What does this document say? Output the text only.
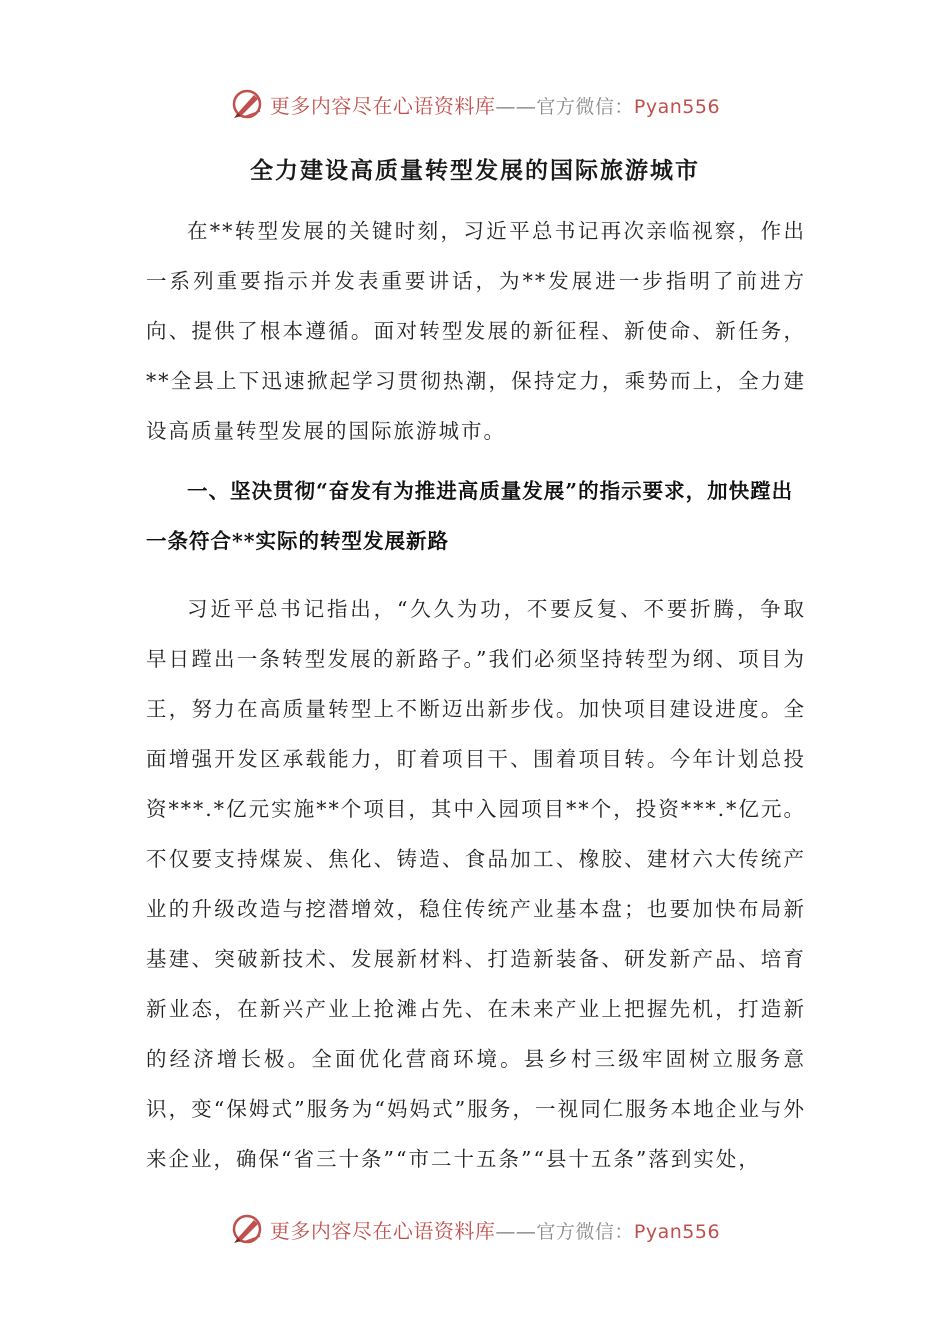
更多内容尽在心语资料库——官方微信：Pyan556
全力建设高质量转型发展的国际旅游城市

在**转型发展的关键时刻，习近平总书记再次亲临视察，作出一系列重要指示并发表重要讲话，为**发展进一步指明了前进方向、提供了根本遵循。面对转型发展的新征程、新使命、新任务，**全县上下迅速掀起学习贯彻热潮，保持定力，乘势而上，全力建设高质量转型发展的国际旅游城市。

一、坚决贯彻“奋发有为推进高质量发展”的指示要求，加快蹚出一条符合**实际的转型发展新路

习近平总书记指出，“久久为功，不要反复、不要折腾，争取早日蹚出一条转型发展的新路子。”我们必须坚持转型为纲、项目为王，努力在高质量转型上不断迈出新步伐。加快项目建设进度。全面增强开发区承载能力，盯着项目干、围着项目转。今年计划总投资***.*亿元实施**个项目，其中入园项目**个，投资***.*亿元。不仅要支持煤炭、焦化、铸造、食品加工、橡胶、建材六大传统产业的升级改造与挖潜增效，稳住传统产业基本盘；也要加快布局新基建、突破新技术、发展新材料、打造新装备、研发新产品、培育新业态，在新兴产业上抢滩占先、在未来产业上把握先机，打造新的经济增长极。全面优化营商环境。县乡村三级牢固树立服务意识，变“保姆式”服务为“妈妈式”服务，一视同仁服务本地企业与外来企业，确保“省三十条”“市二十五条”“县十五条”落到实处，

更多内容尽在心语资料库——官方微信：Pyan556
